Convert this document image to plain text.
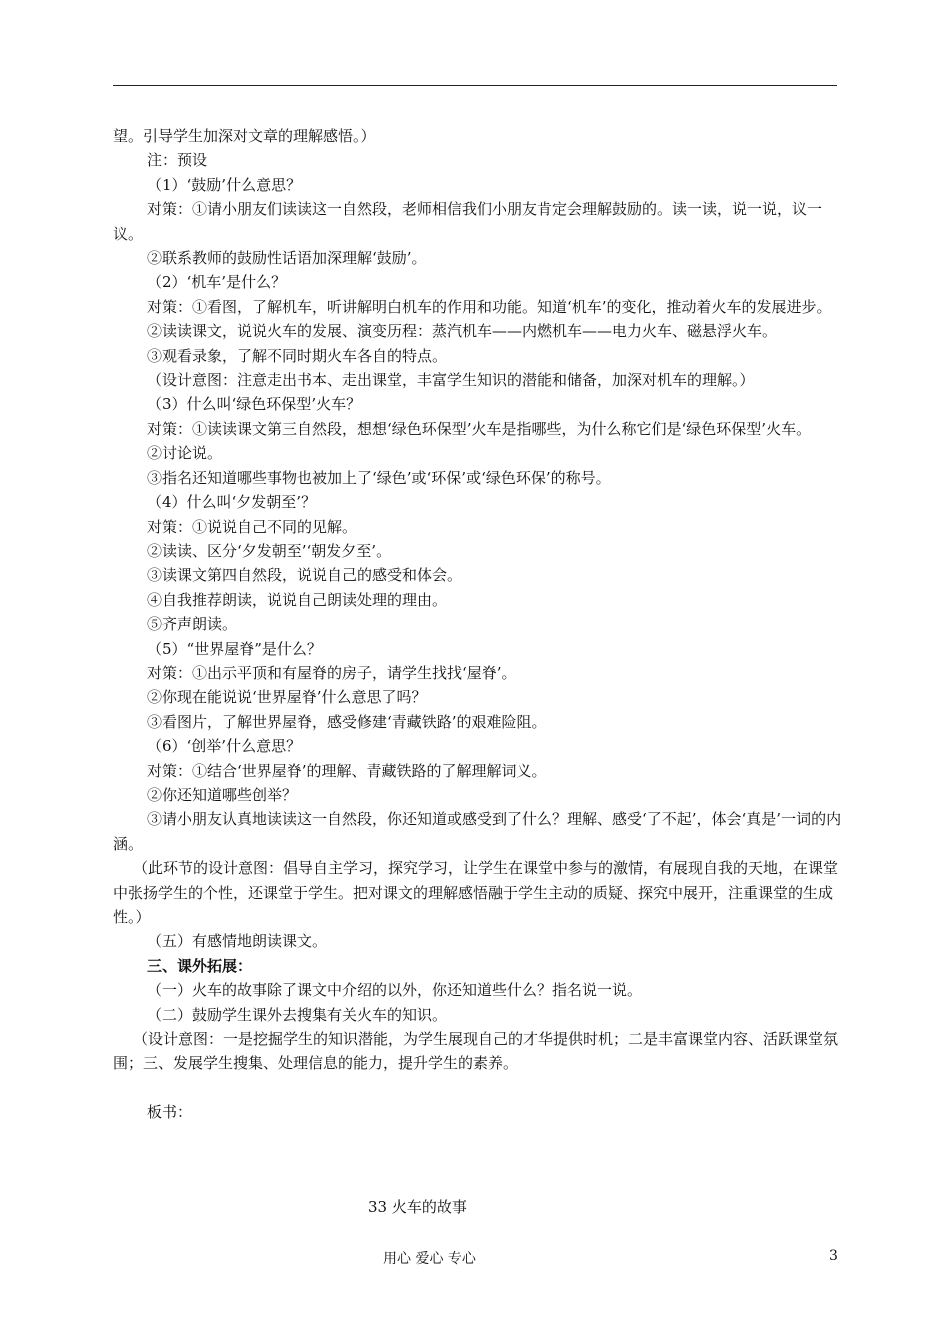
望。引导学生加深对文章的理解感悟。）

注：预设

（1）‘鼓励’什么意思？

对策：①请小朋友们读读这一自然段，老师相信我们小朋友肯定会理解鼓励的。读一读，说一说，议一议。

②联系教师的鼓励性话语加深理解‘鼓励’。

（2）‘机车’是什么？

对策：①看图，了解机车，听讲解明白机车的作用和功能。知道‘机车’的变化，推动着火车的发展进步。

②读读课文，说说火车的发展、演变历程：蒸汽机车——内燃机车——电力火车、磁悬浮火车。

③观看录象，了解不同时期火车各自的特点。

（设计意图：注意走出书本、走出课堂，丰富学生知识的潜能和储备，加深对机车的理解。）

（3）什么叫‘绿色环保型’火车？

对策：①读读课文第三自然段，想想‘绿色环保型’火车是指哪些，为什么称它们是‘绿色环保型’火车。

②讨论说。

③指名还知道哪些事物也被加上了‘绿色’或‘环保’或‘绿色环保’的称号。

（4）什么叫‘夕发朝至’？

对策：①说说自己不同的见解。

②读读、区分‘夕发朝至’‘朝发夕至’。

③读课文第四自然段，说说自己的感受和体会。

④自我推荐朗读，说说自己朗读处理的理由。

⑤齐声朗读。

（5）“世界屋脊”是什么？

对策：①出示平顶和有屋脊的房子，请学生找找‘屋脊’。

②你现在能说说‘世界屋脊’什么意思了吗？

③看图片，了解世界屋脊，感受修建‘青藏铁路’的艰难险阻。

（6）‘创举’什么意思？

对策：①结合‘世界屋脊’的理解、青藏铁路的了解理解词义。

②你还知道哪些创举？

③请小朋友认真地读读这一自然段，你还知道或感受到了什么？理解、感受‘了不起’，体会‘真是’一词的内涵。

（此环节的设计意图：倡导自主学习，探究学习，让学生在课堂中参与的激情，有展现自我的天地，在课堂中张扬学生的个性，还课堂于学生。把对课文的理解感悟融于学生主动的质疑、探究中展开，注重课堂的生成性。）

（五）有感情地朗读课文。

三、课外拓展：

（一）火车的故事除了课文中介绍的以外，你还知道些什么？指名说一说。

（二）鼓励学生课外去搜集有关火车的知识。

（设计意图：一是挖掘学生的知识潜能，为学生展现自己的才华提供时机；二是丰富课堂内容、活跃课堂氛围；三、发展学生搜集、处理信息的能力，提升学生的素养。

板书：

33 火车的故事
用心 爱心 专心	3
